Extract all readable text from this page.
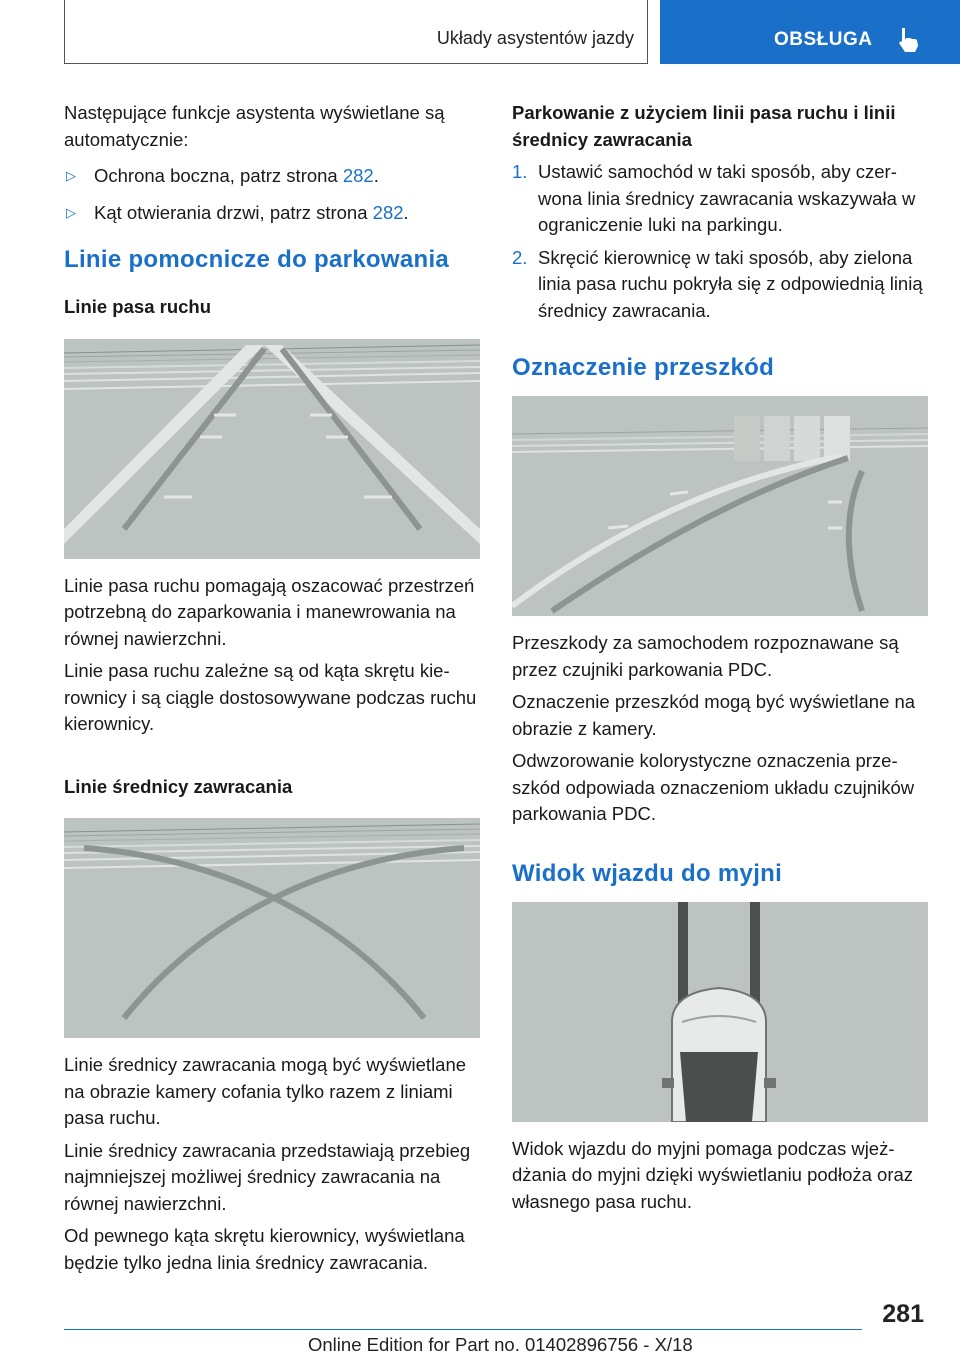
Układy asystentów jazdy	OBSŁUGA

Następujące funkcje asystenta wyświetlane są automatycznie:

▷ Ochrona boczna, patrz strona 282.
▷ Kąt otwierania drzwi, patrz strona 282.
Linie pomocnicze do parkowania
Linie pasa ruchu

Linie pasa ruchu pomagają oszacować przestrzeń potrzebną do zaparkowania i manewrowania na równej nawierzchni.

Linie pasa ruchu zależne są od kąta skrętu kierownicy i są ciągle dostosowywane podczas ruchu kierownicy.

Linie średnicy zawracania

Linie średnicy zawracania mogą być wyświetlane na obrazie kamery cofania tylko razem z liniami pasa ruchu.

Linie średnicy zawracania przedstawiają przebieg najmniejszej możliwej średnicy zawracania na równej nawierzchni.

Od pewnego kąta skrętu kierownicy, wyświetlana będzie tylko jedna linia średnicy zawracania.

Parkowanie z użyciem linii pasa ruchu i linii średnicy zawracania
1. Ustawić samochód w taki sposób, aby czerwona linia średnicy zawracania wskazywała w ograniczenie luki na parkingu.
2. Skręcić kierownicę w taki sposób, aby zielona linia pasa ruchu pokryła się z odpowiednią linią średnicy zawracania.
Oznaczenie przeszkód

Przeszkody za samochodem rozpoznawane są przez czujniki parkowania PDC.

Oznaczenie przeszkód mogą być wyświetlane na obrazie z kamery.

Odwzorowanie kolorystyczne oznaczenia przeszkód odpowiada oznaczeniom układu czujników parkowania PDC.

Widok wjazdu do myjni

Widok wjazdu do myjni pomaga podczas wjeżdżania do myjni dzięki wyświetlaniu podłoża oraz własnego pasa ruchu.

281
Online Edition for Part no. 01402896756 - X/18
